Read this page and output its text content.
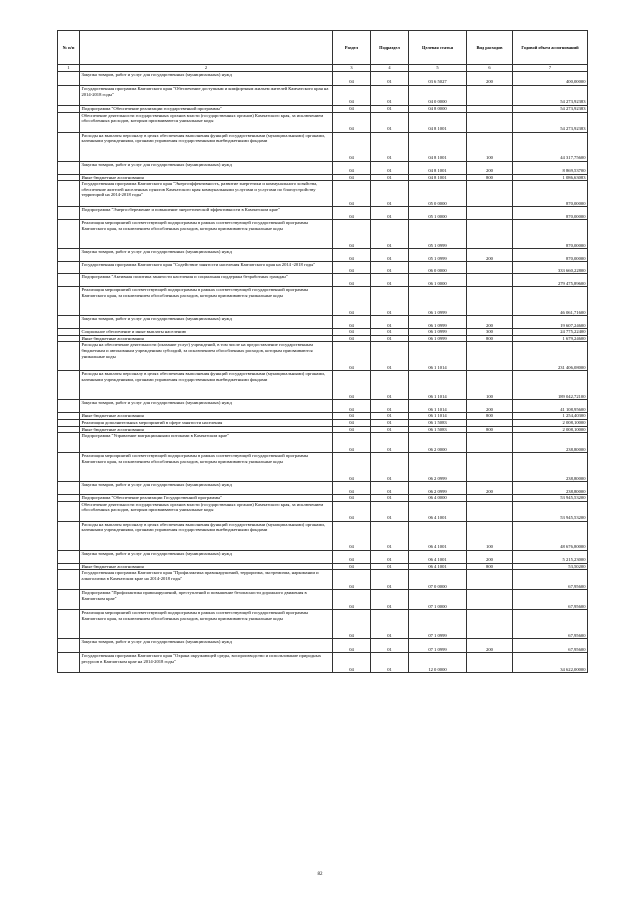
№ п/п		Раздел	Подраздел	Целевая статья	Вид расходов	Годовой объем ассигнований
1	2	3	4	5	6	7
	Закупка товаров, работ и услуг для государственных (муниципальных) нужд	04	01	03 6 5027	200	400,00000
	Государственная программа Камчатского края "Обеспечение доступным и комфортным жильем жителей Камчатского края на 2014-2018 годы"	04	01	04 0 0000		54 273,92383
	Подпрограмма "Обеспечение реализации государственной программы"	04	01	04 8 0000		54 273,92383
	Обеспечение деятельности государственных органов власти (государственных органов) Камчатского края, за исключением обособленных расходов, которым присваиваются уникальные коды	04	01	04 8 1001		54 273,92383
	Расходы на выплаты персоналу в целях обеспечения выполнения функций государственными (муниципальными) органами, казенными учреждениями, органами управления государственными внебюджетными фондами	04	01	04 8 1001	100	44 317,75600
	Закупка товаров, работ и услуг для государственных (муниципальных) нужд	04	01	04 8 1001	200	8 869,53700
	Иные бюджетные ассигнования	04	01	04 8 1001	800	1 086,63083
	Государственная программа Камчатского края "Энергоэффективность, развитие энергетики и коммунального хозяйства, обеспечение жителей населенных пунктов Камчатского края коммунальными услугами и услугами по благоустройству территорий на 2014-2018 годы"	04	01	05 0 0000		870,00000
	Подпрограмма "Энергосбережение и повышение энергетической эффективности в Камчатском крае"	04	01	05 1 0000		870,00000
	Реализация мероприятий соответствующей подпрограммы в рамках соответствующей государственной программы Камчатского края, за исключением обособленных расходов, которым присваиваются уникальные коды	04	01	05 1 0999		870,00000
	Закупка товаров, работ и услуг для государственных (муниципальных) нужд	04	01	05 1 0999	200	870,00000
	Государственная программа Камчатского края "Содействие занятости населения Камчатского края на 2014 -2018 годы"	04	01	06 0 0000		333 660,22800
	Подпрограмма "Активная политика занятости населения и социальная поддержка безработных граждан"	04	01	06 1 0000		279 475,89600
	Реализация мероприятий соответствующей подпрограммы в рамках соответствующей государственной программы Камчатского края, за исключением обособленных расходов, которым присваиваются уникальные коды	04	01	06 1 0999		46 061,71600
	Закупка товаров, работ и услуг для государственных (муниципальных) нужд	04	01	06 1 0999	200	19 607,24600
	Социальное обеспечение и иные выплаты населению	04	01	06 1 0999	300	24 775,22400
	Иные бюджетные ассигнования	04	01	06 1 0999	800	1 679,24600
	Расходы на обеспечение деятельности (оказание услуг) учреждений, в том числе на предоставление государственным бюджетным и автономным учреждениям субсидий, за исключением обособленных расходов, которым присваиваются уникальные коды	04	01	06 1 1014		231 406,08000
	Расходы на выплаты персоналу в целях обеспечения выполнения функций государственными (муниципальными) органами, казенными учреждениями, органами управления государственными внебюджетными фондами	04	01	06 1 1014	100	189 042,72100
	Закупка товаров, работ и услуг для государственных (муниципальных) нужд	04	01	06 1 1014	200	41 108,95600
	Иные бюджетные ассигнования	04	01	06 1 1014	800	1 254,40300
	Реализация дополнительных мероприятий в сфере занятости населения	04	01	06 1 5083		2 008,10000
	Иные бюджетные ассигнования	04	01	06 1 5083	800	2 008,10000
	Подпрограмма "Управление миграционными потоками в Камчатском крае"	04	01	06 2 0000		238,80000
	Реализация мероприятий соответствующей подпрограммы в рамках соответствующей государственной программы Камчатского края, за исключением обособленных расходов, которым присваиваются уникальные коды	04	01	06 2 0999		238,80000
	Закупка товаров, работ и услуг для государственных (муниципальных) нужд	04	01	06 2 0999	200	238,80000
	Подпрограмма "Обеспечение реализации Государственной программы"	04	01	06 4 0000		53 945,53200
	Обеспечение деятельности государственных органов власти (государственных органов) Камчатского края, за исключением обособленных расходов, которым присваиваются уникальные коды	04	01	06 4 1001		53 945,53200
	Расходы на выплаты персоналу в целях обеспечения выполнения функций государственными (муниципальными) органами, казенными учреждениями, органами управления государственными внебюджетными фондами	04	01	06 4 1001	100	48 676,80000
	Закупка товаров, работ и услуг для государственных (муниципальных) нужд	04	01	06 4 1001	200	5 215,23000
	Иные бюджетные ассигнования	04	01	06 4 1001	800	53,50200
	Государственная программа Камчатского края "Профилактика правонарушений, терроризма, экстремизма, наркомании и алкоголизма в Камчатском крае на 2014-2018 годы"	04	01	07 0 0000		67,95600
	Подпрограмма "Профилактика правонарушений, преступлений и повышение безопасности дорожного движения в Камчатском крае"	04	01	07 1 0000		67,95600
	Реализация мероприятий соответствующей подпрограммы в рамках соответствующей государственной программы Камчатского края, за исключением обособленных расходов, которым присваиваются уникальные коды	04	01	07 1 0999		67,95600
	Закупка товаров, работ и услуг для государственных (муниципальных) нужд	04	01	07 1 0999	200	67,95600
	Государственная программа Камчатского края "Охрана окружающей среды, воспроизводство и использование природных ресурсов в Камчатском крае на 2014-2018 годы"	04	01	12 0 0000		34 622,00000
82
